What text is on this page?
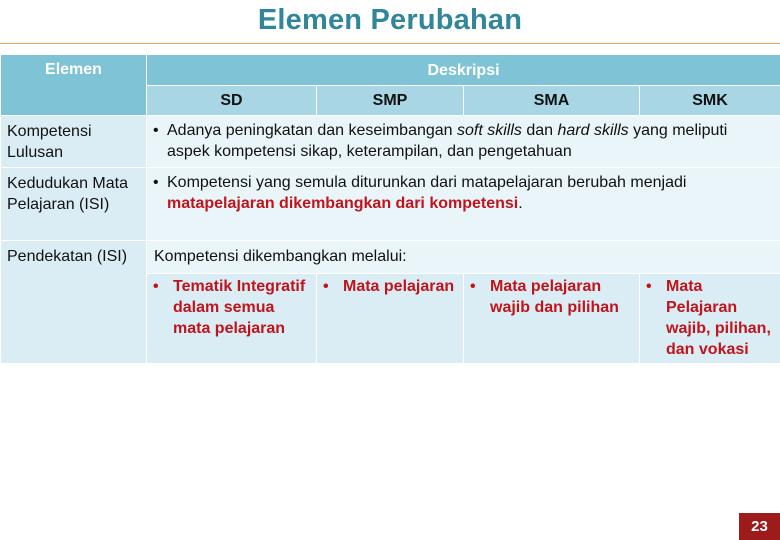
Elemen Perubahan
Elemen	Deskripsi			
	SD	SMP	SMA	SMK
Kompetensi Lulusan	• Adanya peningkatan dan keseimbangan soft skills dan hard skills yang meliputi aspek kompetensi sikap, keterampilan, dan pengetahuan			

Kedudukan Mata Pelajaran (ISI)	• Kompetensi yang semula diturunkan dari matapelajaran berubah menjadi matapelajaran dikembangkan dari kompetensi.			

Pendekatan (ISI)	Kompetensi dikembangkan melalui:			

	• Tematik Integratif dalam semua mata pelajaran	• Mata pelajaran	• Mata pelajaran wajib dan pilihan	• Mata Pelajaran wajib, pilihan, dan vokasi
23
